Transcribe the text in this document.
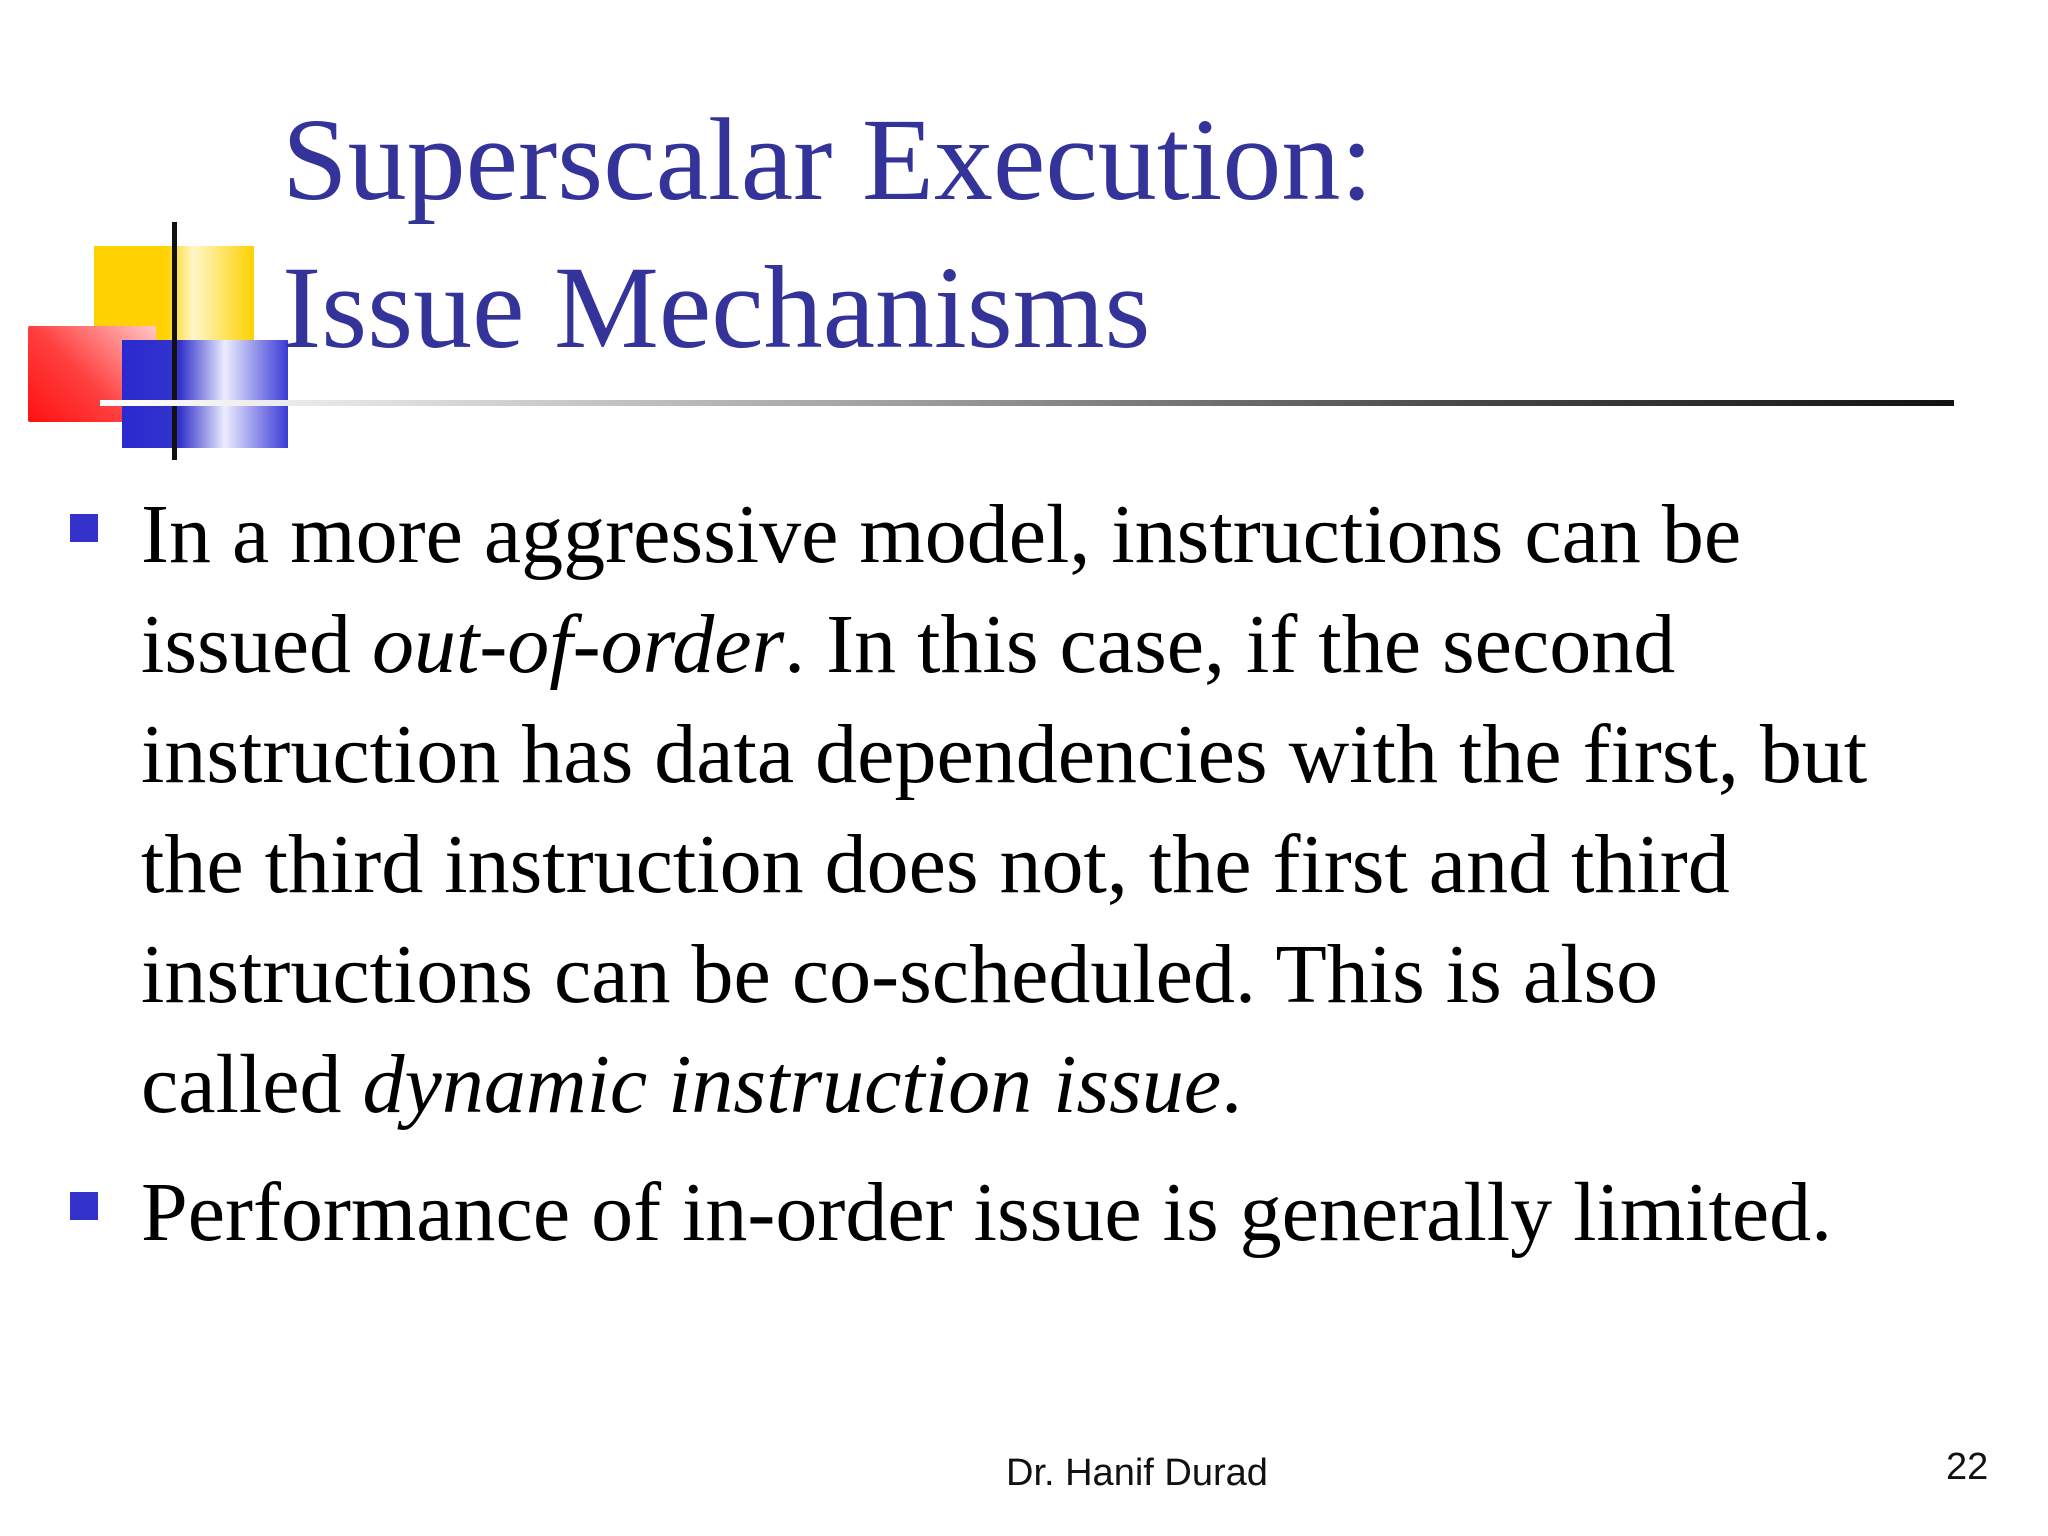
Superscalar Execution:
Issue Mechanisms
In a more aggressive model, instructions can be
issued out-of-order. In this case, if the second
instruction has data dependencies with the first, but
the third instruction does not, the first and third
instructions can be co-scheduled. This is also
called dynamic instruction issue.
Performance of in-order issue is generally limited.
Dr. Hanif Durad	22
